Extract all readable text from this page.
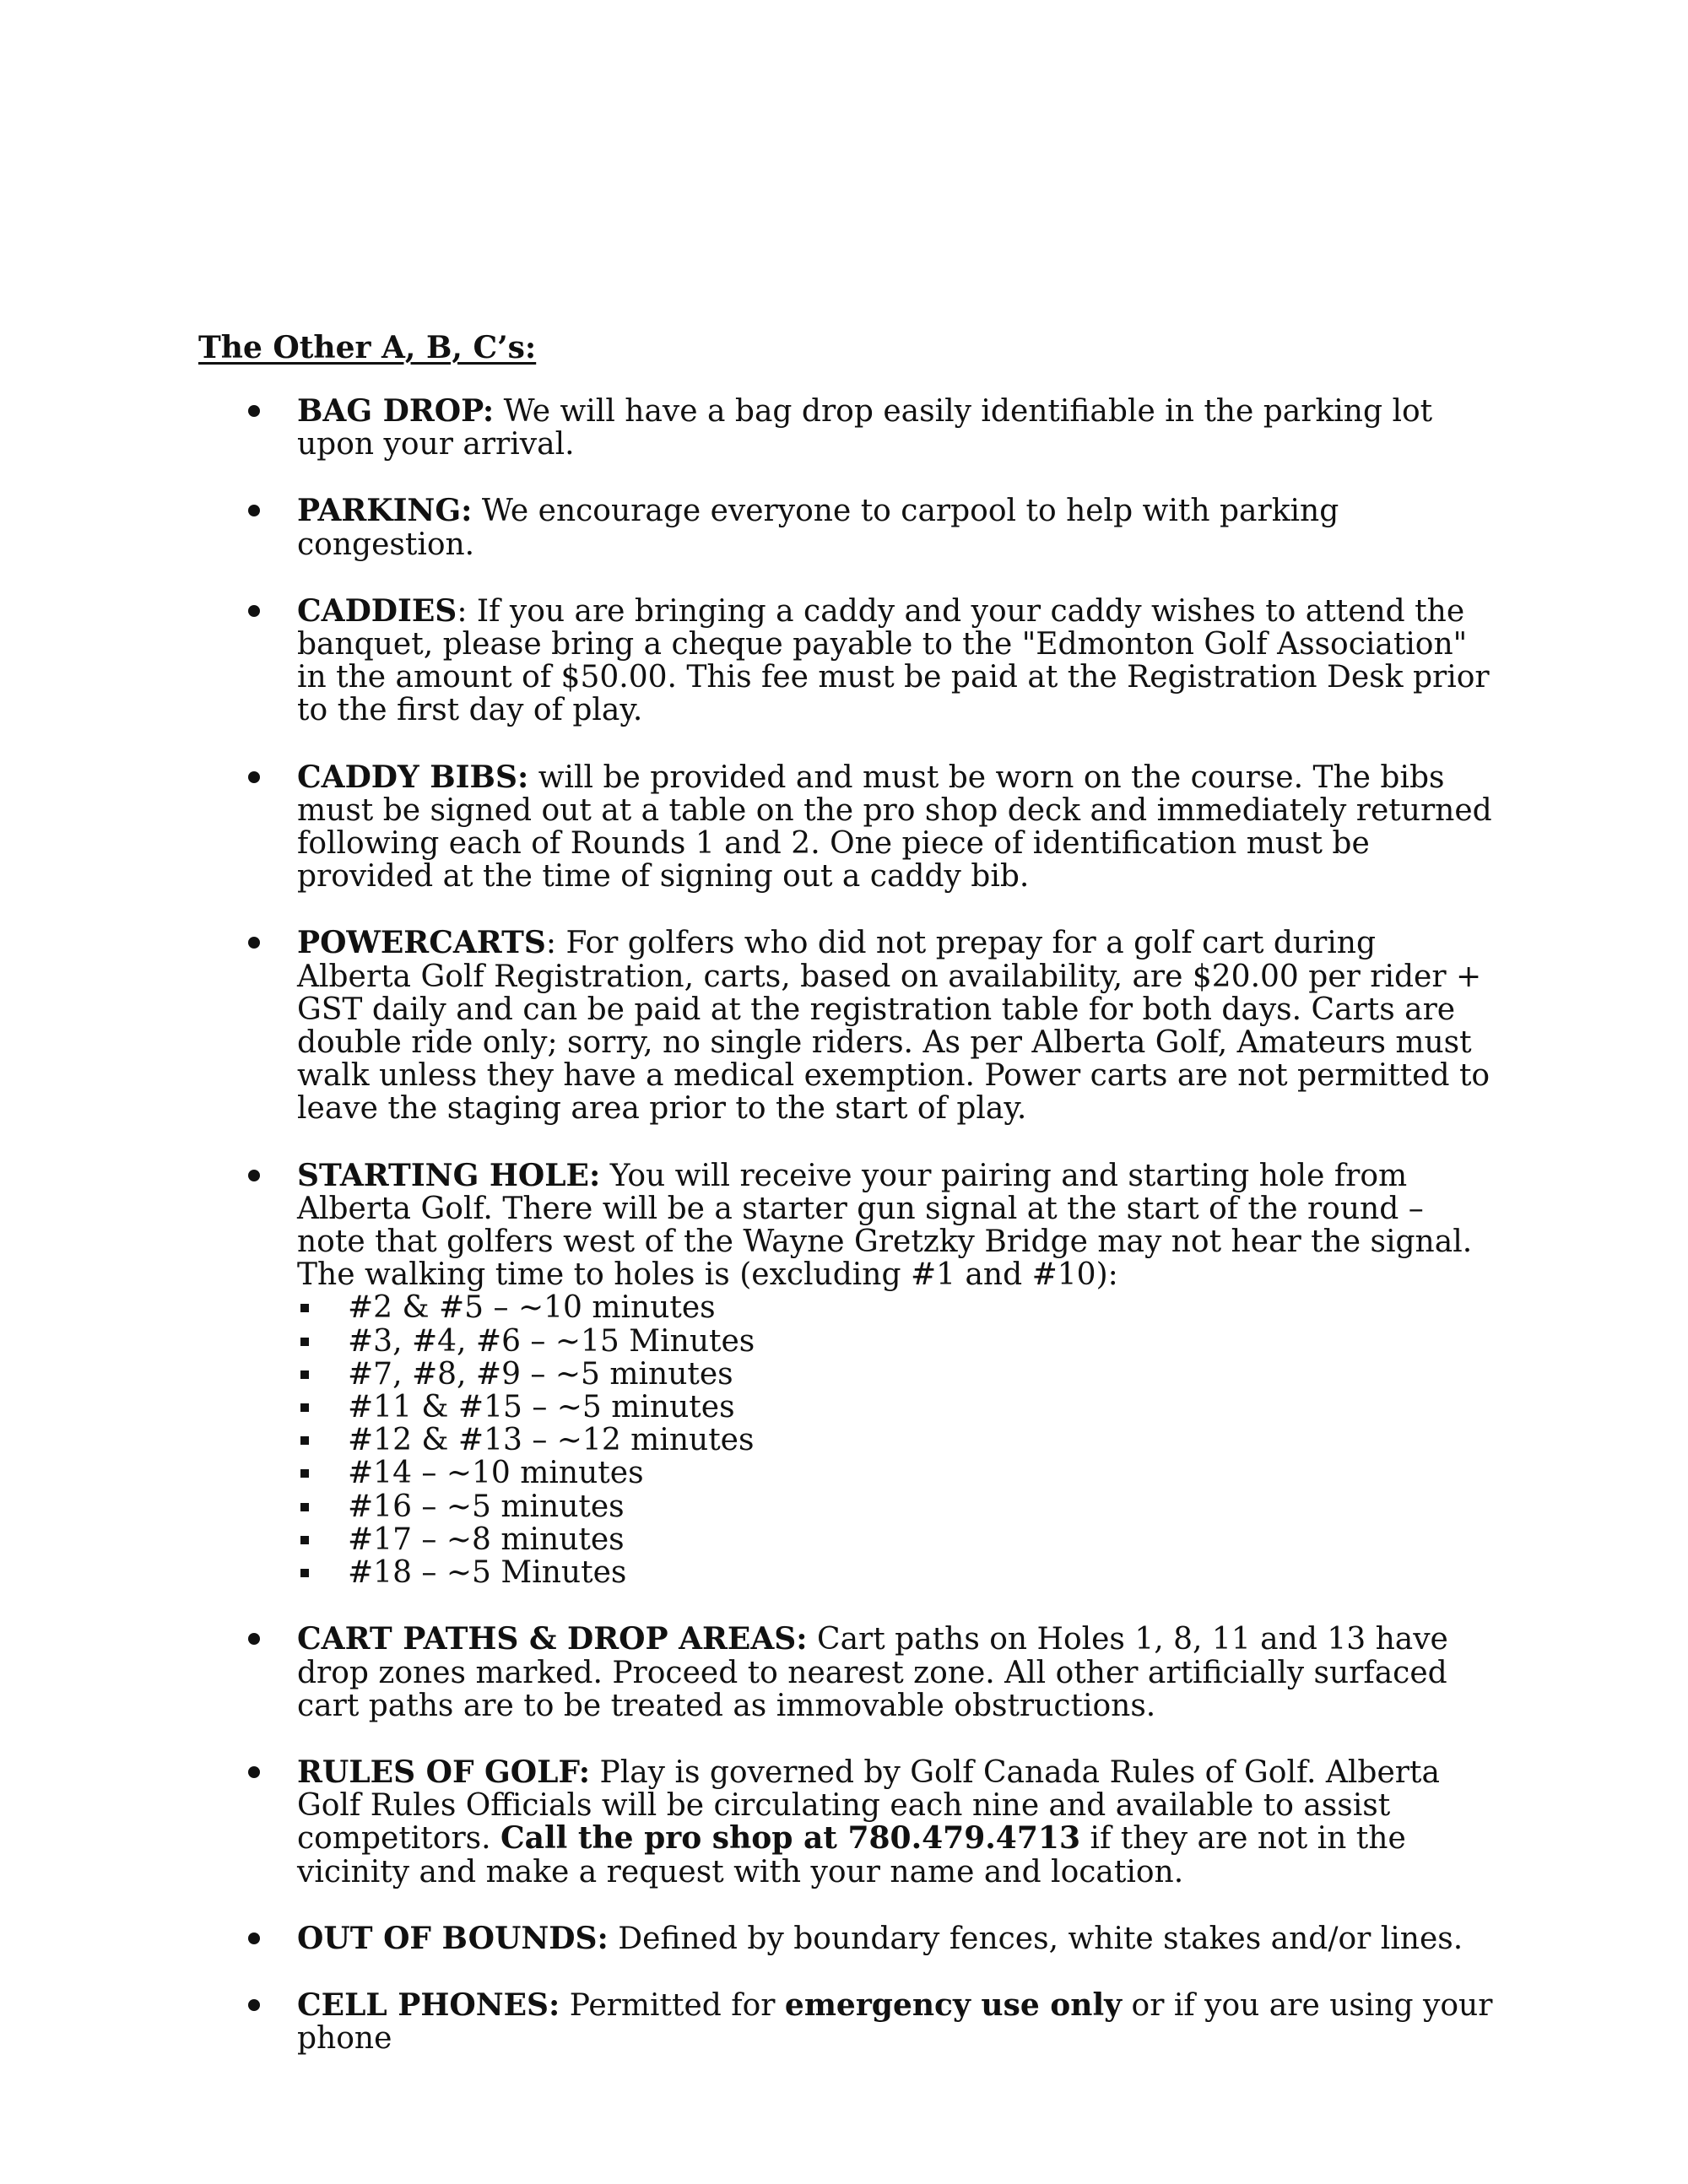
The Other A, B, C’s:
BAG DROP: We will have a bag drop easily identifiable in the parking lot upon your arrival.
PARKING: We encourage everyone to carpool to help with parking congestion.
CADDIES: If you are bringing a caddy and your caddy wishes to attend the banquet, please bring a cheque payable to the "Edmonton Golf Association" in the amount of $50.00. This fee must be paid at the Registration Desk prior to the first day of play.
CADDY BIBS: will be provided and must be worn on the course. The bibs must be signed out at a table on the pro shop deck and immediately returned following each of Rounds 1 and 2. One piece of identification must be provided at the time of signing out a caddy bib.
POWERCARTS: For golfers who did not prepay for a golf cart during Alberta Golf Registration, carts, based on availability, are $20.00 per rider + GST daily and can be paid at the registration table for both days. Carts are double ride only; sorry, no single riders. As per Alberta Golf, Amateurs must walk unless they have a medical exemption. Power carts are not permitted to leave the staging area prior to the start of play.
STARTING HOLE: You will receive your pairing and starting hole from Alberta Golf. There will be a starter gun signal at the start of the round – note that golfers west of the Wayne Gretzky Bridge may not hear the signal. The walking time to holes is (excluding #1 and #10):
#2 & #5 – ~10 minutes
#3, #4, #6 – ~15 Minutes
#7, #8, #9 – ~5 minutes
#11 & #15 – ~5 minutes
#12 & #13 – ~12 minutes
#14 – ~10 minutes
#16 – ~5 minutes
#17 – ~8 minutes
#18 – ~5 Minutes
CART PATHS & DROP AREAS: Cart paths on Holes 1, 8, 11 and 13 have drop zones marked. Proceed to nearest zone. All other artificially surfaced cart paths are to be treated as immovable obstructions.
RULES OF GOLF: Play is governed by Golf Canada Rules of Golf. Alberta Golf Rules Officials will be circulating each nine and available to assist competitors. Call the pro shop at 780.479.4713 if they are not in the vicinity and make a request with your name and location.
OUT OF BOUNDS: Defined by boundary fences, white stakes and/or lines.
CELL PHONES: Permitted for emergency use only or if you are using your phone
